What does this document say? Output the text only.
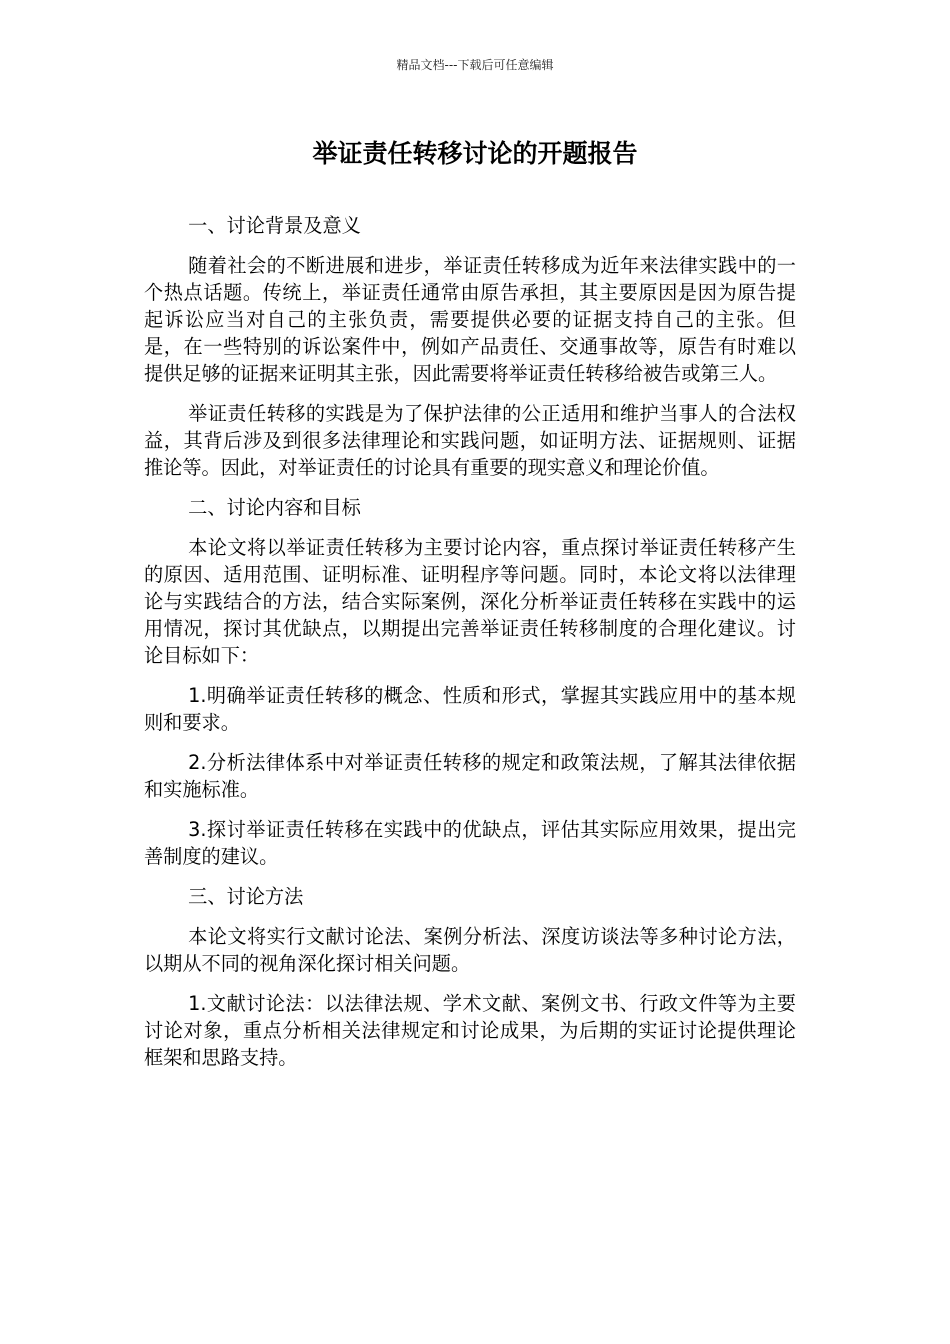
精品文档---下载后可任意编辑
举证责任转移讨论的开题报告

一、讨论背景及意义

随着社会的不断进展和进步，举证责任转移成为近年来法律实践中的一个热点话题。传统上，举证责任通常由原告承担，其主要原因是因为原告提起诉讼应当对自己的主张负责，需要提供必要的证据支持自己的主张。但是，在一些特别的诉讼案件中，例如产品责任、交通事故等，原告有时难以提供足够的证据来证明其主张，因此需要将举证责任转移给被告或第三人。

举证责任转移的实践是为了保护法律的公正适用和维护当事人的合法权益，其背后涉及到很多法律理论和实践问题，如证明方法、证据规则、证据推论等。因此，对举证责任的讨论具有重要的现实意义和理论价值。

二、讨论内容和目标

本论文将以举证责任转移为主要讨论内容，重点探讨举证责任转移产生的原因、适用范围、证明标准、证明程序等问题。同时，本论文将以法律理论与实践结合的方法，结合实际案例，深化分析举证责任转移在实践中的运用情况，探讨其优缺点，以期提出完善举证责任转移制度的合理化建议。讨论目标如下：

1.明确举证责任转移的概念、性质和形式，掌握其实践应用中的基本规则和要求。

2.分析法律体系中对举证责任转移的规定和政策法规，了解其法律依据和实施标准。

3.探讨举证责任转移在实践中的优缺点，评估其实际应用效果，提出完善制度的建议。

三、讨论方法

本论文将实行文献讨论法、案例分析法、深度访谈法等多种讨论方法，以期从不同的视角深化探讨相关问题。

1.文献讨论法：以法律法规、学术文献、案例文书、行政文件等为主要讨论对象，重点分析相关法律规定和讨论成果，为后期的实证讨论提供理论框架和思路支持。
